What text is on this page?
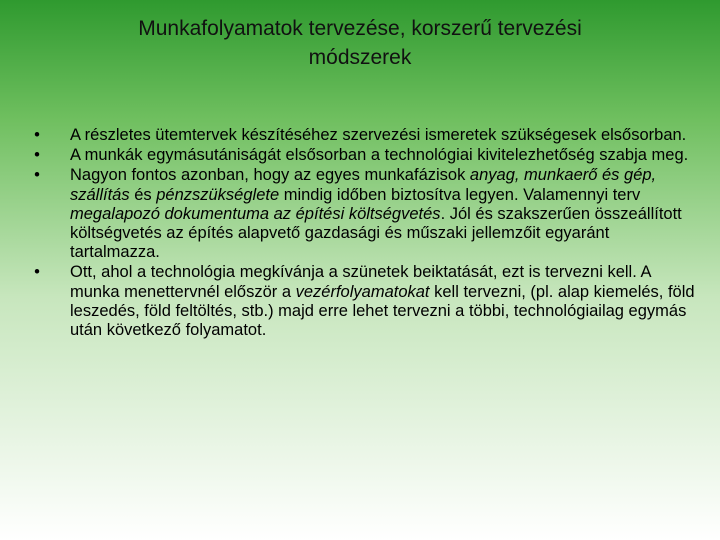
Munkafolyamatok tervezése, korszerű tervezési
módszerek
• A részletes ütemtervek készítéséhez szervezési ismeretek szükségesek elsősorban.
• A munkák egymásutániságát elsősorban a technológiai kivitelezhetőség szabja meg.
• Nagyon fontos azonban, hogy az egyes munkafázisok anyag, munkaerő és gép, szállítás és pénzszükséglete mindig időben biztosítva legyen. Valamennyi terv megalapozó dokumentuma az építési költségvetés. Jól és szakszerűen összeállított költségvetés az építés alapvető gazdasági és műszaki jellemzőit egyaránt tartalmazza.
• Ott, ahol a technológia megkívánja a szünetek beiktatását, ezt is tervezni kell. A munka menettervnél először a vezérfolyamatokat kell tervezni, (pl. alap kiemelés, föld leszedés, föld feltöltés, stb.) majd erre lehet tervezni a többi, technológiailag egymás után következő folyamatot.
